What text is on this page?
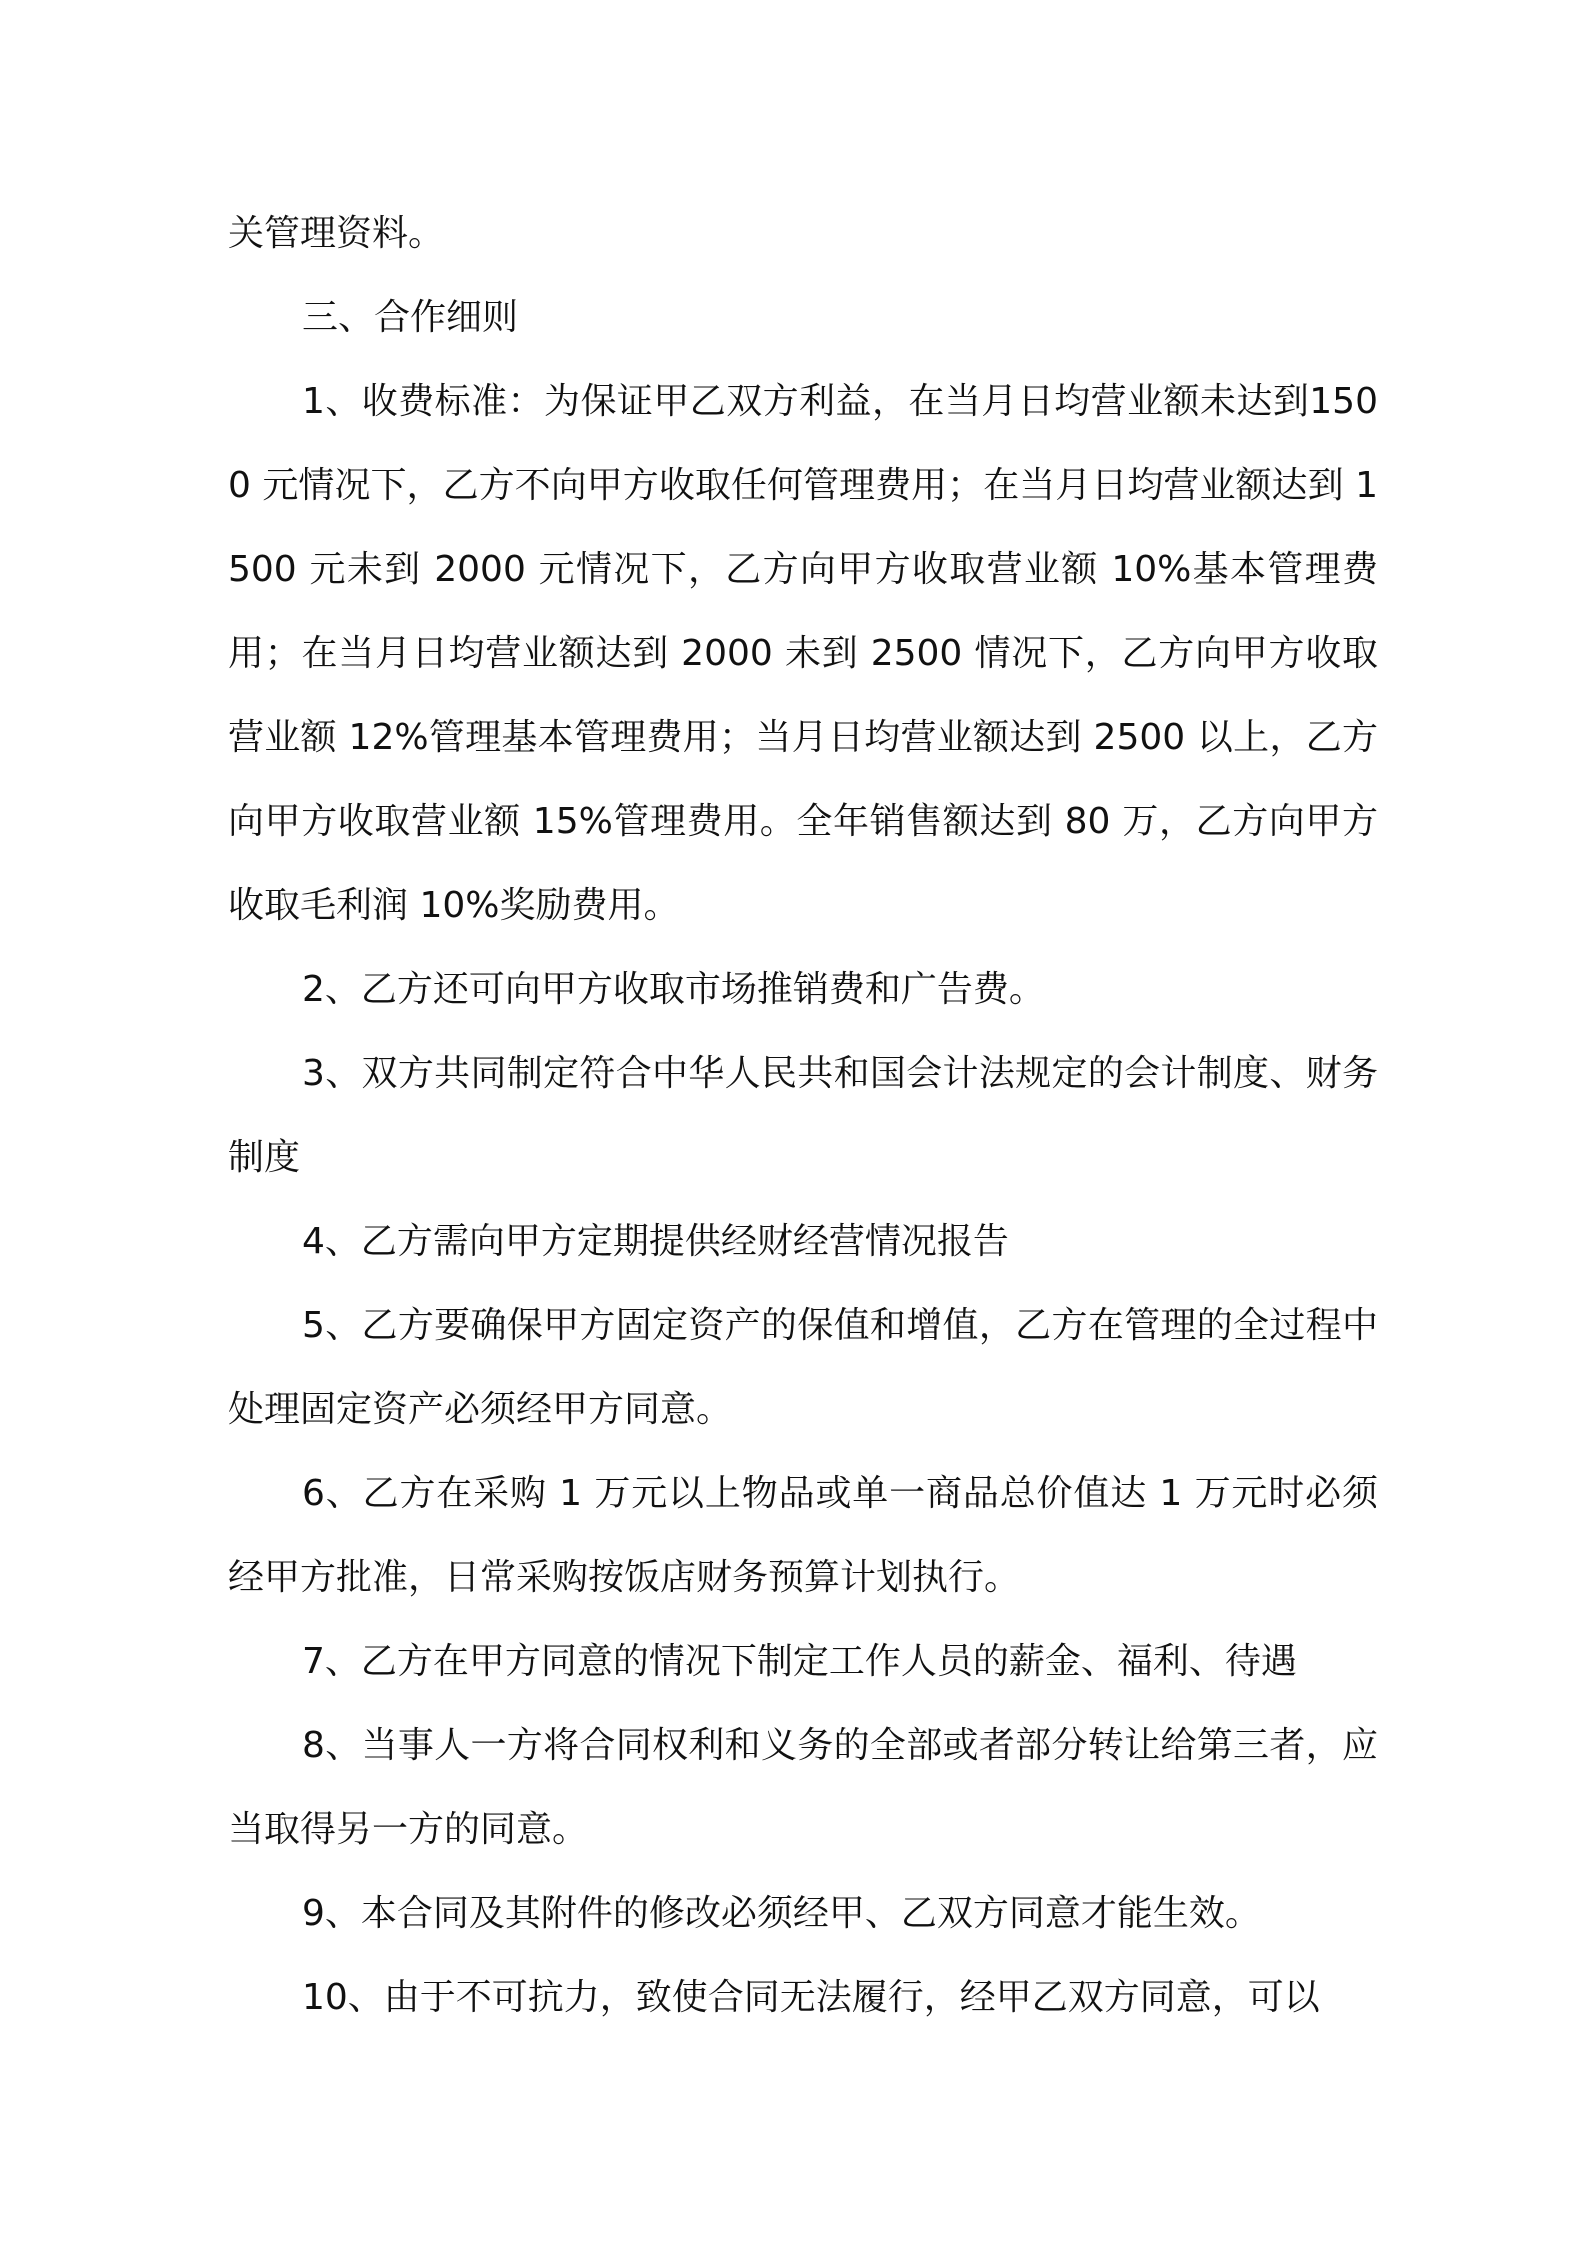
关管理资料。

三、合作细则

1、收费标准：为保证甲乙双方利益，在当月日均营业额未达到1500 元情况下，乙方不向甲方收取任何管理费用；在当月日均营业额达到 1500 元未到 2000 元情况下，乙方向甲方收取营业额 10%基本管理费用；在当月日均营业额达到 2000 未到 2500 情况下，乙方向甲方收取营业额 12%管理基本管理费用；当月日均营业额达到 2500 以上，乙方向甲方收取营业额 15%管理费用。全年销售额达到 80 万，乙方向甲方收取毛利润 10%奖励费用。

2、乙方还可向甲方收取市场推销费和广告费。

3、双方共同制定符合中华人民共和国会计法规定的会计制度、财务制度

4、乙方需向甲方定期提供经财经营情况报告

5、乙方要确保甲方固定资产的保值和增值，乙方在管理的全过程中处理固定资产必须经甲方同意。

6、乙方在采购 1 万元以上物品或单一商品总价值达 1 万元时必须经甲方批准，日常采购按饭店财务预算计划执行。

7、乙方在甲方同意的情况下制定工作人员的薪金、福利、待遇

8、当事人一方将合同权利和义务的全部或者部分转让给第三者，应当取得另一方的同意。

9、本合同及其附件的修改必须经甲、乙双方同意才能生效。

10、由于不可抗力，致使合同无法履行，经甲乙双方同意，可以
